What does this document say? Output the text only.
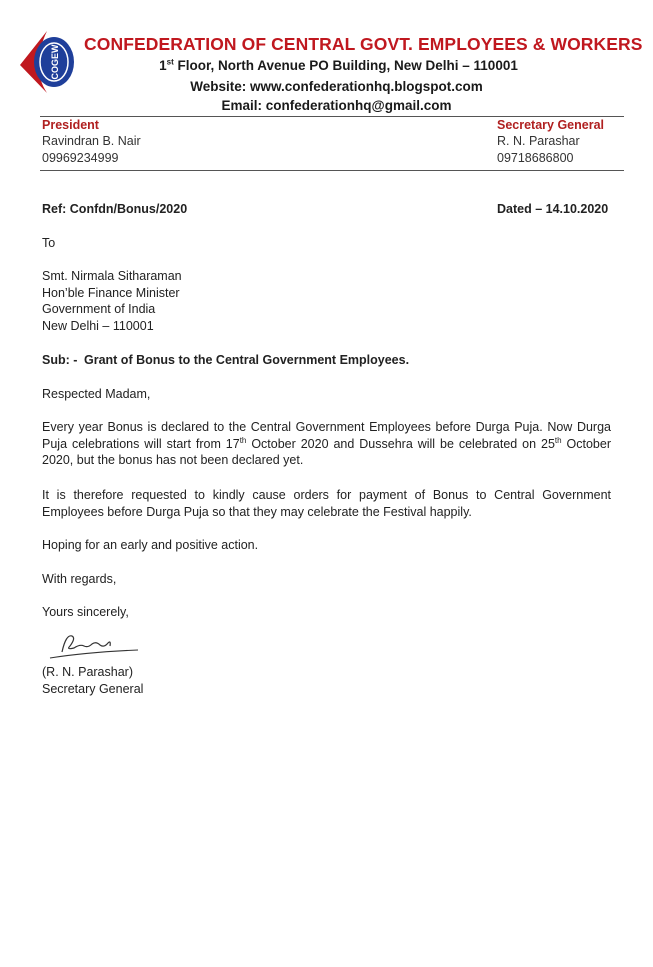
COGEW
CONFEDERATION OF CENTRAL GOVT. EMPLOYEES & WORKERS
1st Floor, North Avenue PO Building, New Delhi – 110001
Website: www.confederationhq.blogspot.com
Email: confederationhq@gmail.com
President
Ravindran B. Nair
09969234999
Secretary General
R. N. Parashar
09718686800
Ref: Confdn/Bonus/2020	Dated – 14.10.2020
To
Smt. Nirmala Sitharaman
Hon’ble Finance Minister
Government of India
New Delhi – 110001
Sub: - Grant of Bonus to the Central Government Employees.
Respected Madam,
Every year Bonus is declared to the Central Government Employees before Durga Puja. Now Durga Puja celebrations will start from 17th October 2020 and Dussehra will be celebrated on 25th October 2020, but the bonus has not been declared yet.
It is therefore requested to kindly cause orders for payment of Bonus to Central Government Employees before Durga Puja so that they may celebrate the Festival happily.
Hoping for an early and positive action.
With regards,
Yours sincerely,
(R. N. Parashar)
Secretary General
